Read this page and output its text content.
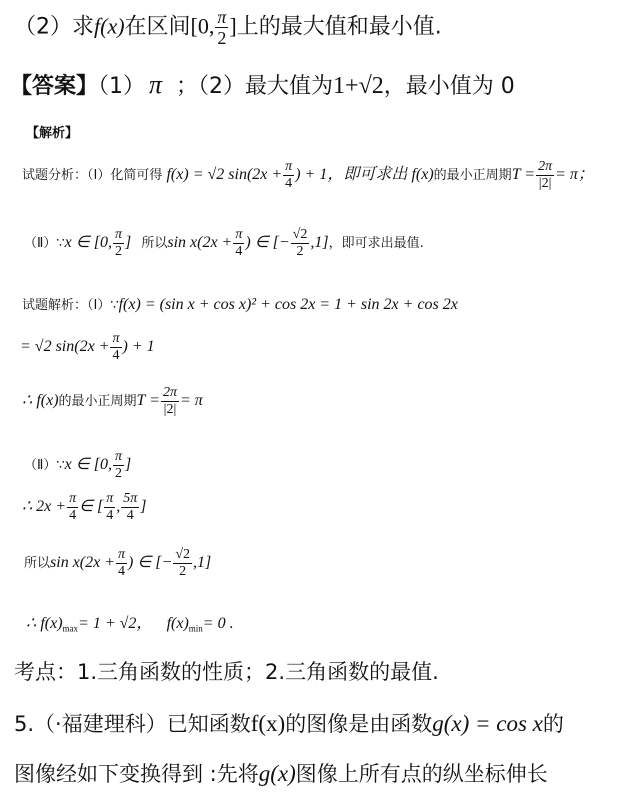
（2）求f(x)在区间[0, $\frac{\pi}{2}$ ]上的最大值和最小值.
【答案】（1） π ；（2）最大值为1+√2，最小值为 0
【解析】
试题分析：（Ⅰ）化简可得 f(x) = √2 $\sin(2x + \frac{\pi}{4}$ ) + 1，即可求出 f(x)的最小正周期$T = \frac{2\pi}{|2|} = \pi$；
（Ⅱ）∵x ∈ [0, $\frac{\pi}{2}$ ] 所以$\sin x(2x + \frac{\pi}{4}$ ) ∈ [− $\frac{√2}{2} ,1$]，即可求出最值.
试题解析：（Ⅰ）∵f(x) = (sin x + cos x)² + cos 2x = 1 + sin 2x + cos 2x
= √2 $\sin(2x + \frac{\pi}{4}$ ) + 1
∴ f(x)的最小正周期$T = \frac{2\pi}{|2|} = \pi$
（Ⅱ）∵x ∈ [0, $\frac{\pi}{2}$ ]
∴ $2x + \frac{\pi}{4}$ ∈ [ $\frac{\pi}{4}$ , $\frac{5\pi}{4}$ ]
所以$\sin x(2x + \frac{\pi}{4}$ ) ∈ [− $\frac{√2}{2} ,1$]
∴ $f(x)_{max}= 1 + √2$， $f(x)_{min}= 0$ .
考点：1.三角函数的性质；2.三角函数的最值.
5.（·福建理科）已知函数f(x)的图像是由函数g(x) = cos x的
图像经如下变换得到 :先将g(x)图像上所有点的纵坐标伸长
